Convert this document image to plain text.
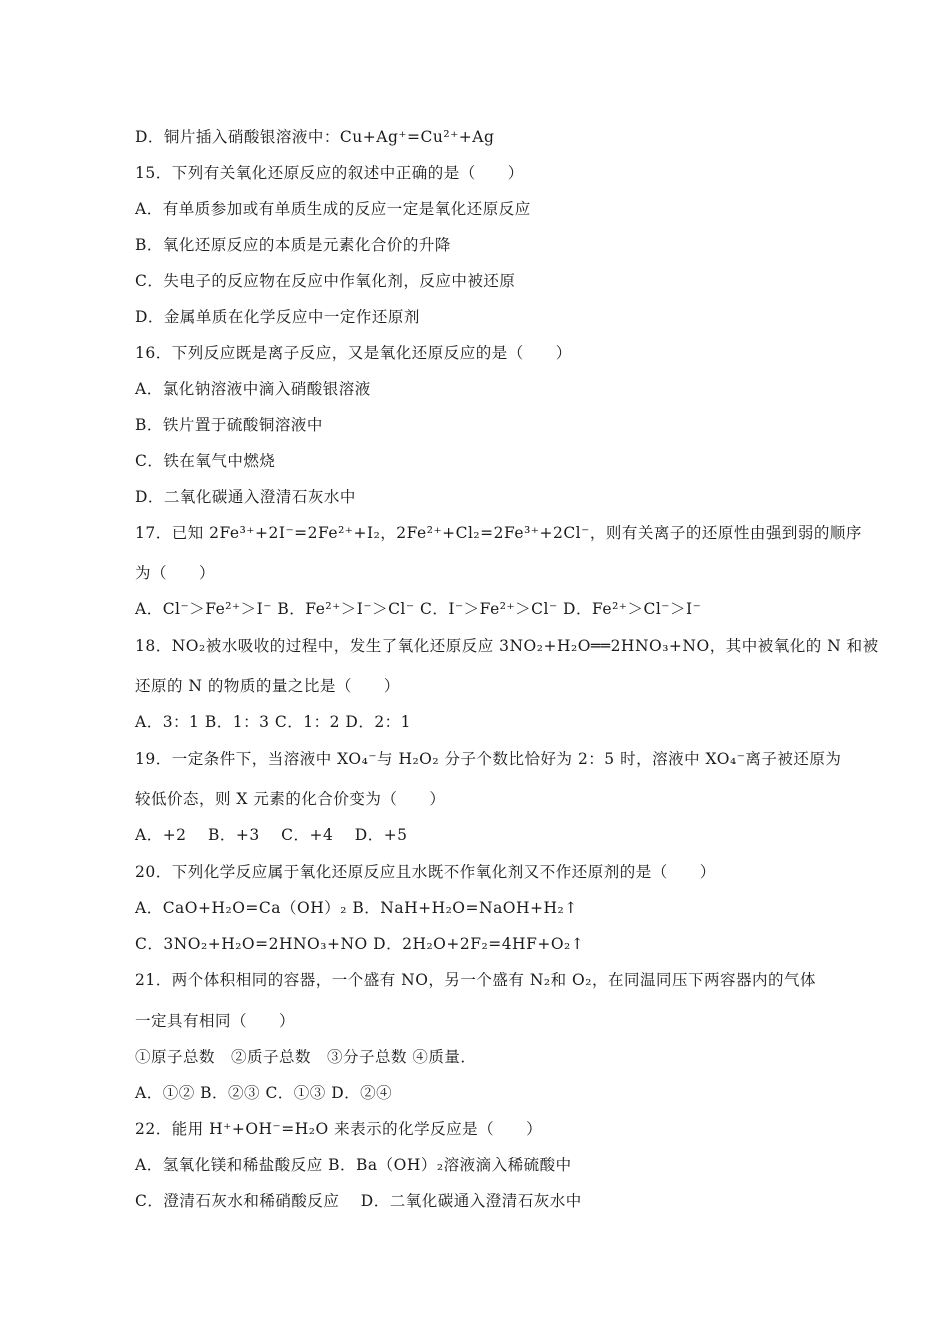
D．铜片插入硝酸银溶液中：Cu+Ag⁺=Cu²⁺+Ag
15．下列有关氧化还原反应的叙述中正确的是（　　）
A．有单质参加或有单质生成的反应一定是氧化还原反应
B．氧化还原反应的本质是元素化合价的升降
C．失电子的反应物在反应中作氧化剂，反应中被还原
D．金属单质在化学反应中一定作还原剂
16．下列反应既是离子反应，又是氧化还原反应的是（　　）
A．氯化钠溶液中滴入硝酸银溶液
B．铁片置于硫酸铜溶液中
C．铁在氧气中燃烧
D．二氧化碳通入澄清石灰水中
17．已知 2Fe³⁺+2I⁻=2Fe²⁺+I₂，2Fe²⁺+Cl₂=2Fe³⁺+2Cl⁻，则有关离子的还原性由强到弱的顺序
为（　　）
A．Cl⁻＞Fe²⁺＞I⁻ B．Fe²⁺＞I⁻＞Cl⁻ C．I⁻＞Fe²⁺＞Cl⁻ D．Fe²⁺＞Cl⁻＞I⁻
18．NO₂被水吸收的过程中，发生了氧化还原反应 3NO₂+H₂O══2HNO₃+NO，其中被氧化的 N 和被
还原的 N 的物质的量之比是（　　）
A．3：1 B．1：3 C．1：2 D．2：1
19．一定条件下，当溶液中 XO₄⁻与 H₂O₂ 分子个数比恰好为 2：5 时，溶液中 XO₄⁻离子被还原为
较低价态，则 X 元素的化合价变为（　　）
A．+2　 B．+3　 C．+4　 D．+5
20．下列化学反应属于氧化还原反应且水既不作氧化剂又不作还原剂的是（　　）
A．CaO+H₂O=Ca（OH）₂ B．NaH+H₂O=NaOH+H₂↑
C．3NO₂+H₂O=2HNO₃+NO D．2H₂O+2F₂=4HF+O₂↑
21．两个体积相同的容器，一个盛有 NO，另一个盛有 N₂和 O₂，在同温同压下两容器内的气体
一定具有相同（　　）
①原子总数　②质子总数　③分子总数 ④质量．
A．①② B．②③ C．①③ D．②④
22．能用 H⁺+OH⁻=H₂O 来表示的化学反应是（　　）
A．氢氧化镁和稀盐酸反应 B．Ba（OH）₂溶液滴入稀硫酸中
C．澄清石灰水和稀硝酸反应　 D．二氧化碳通入澄清石灰水中
